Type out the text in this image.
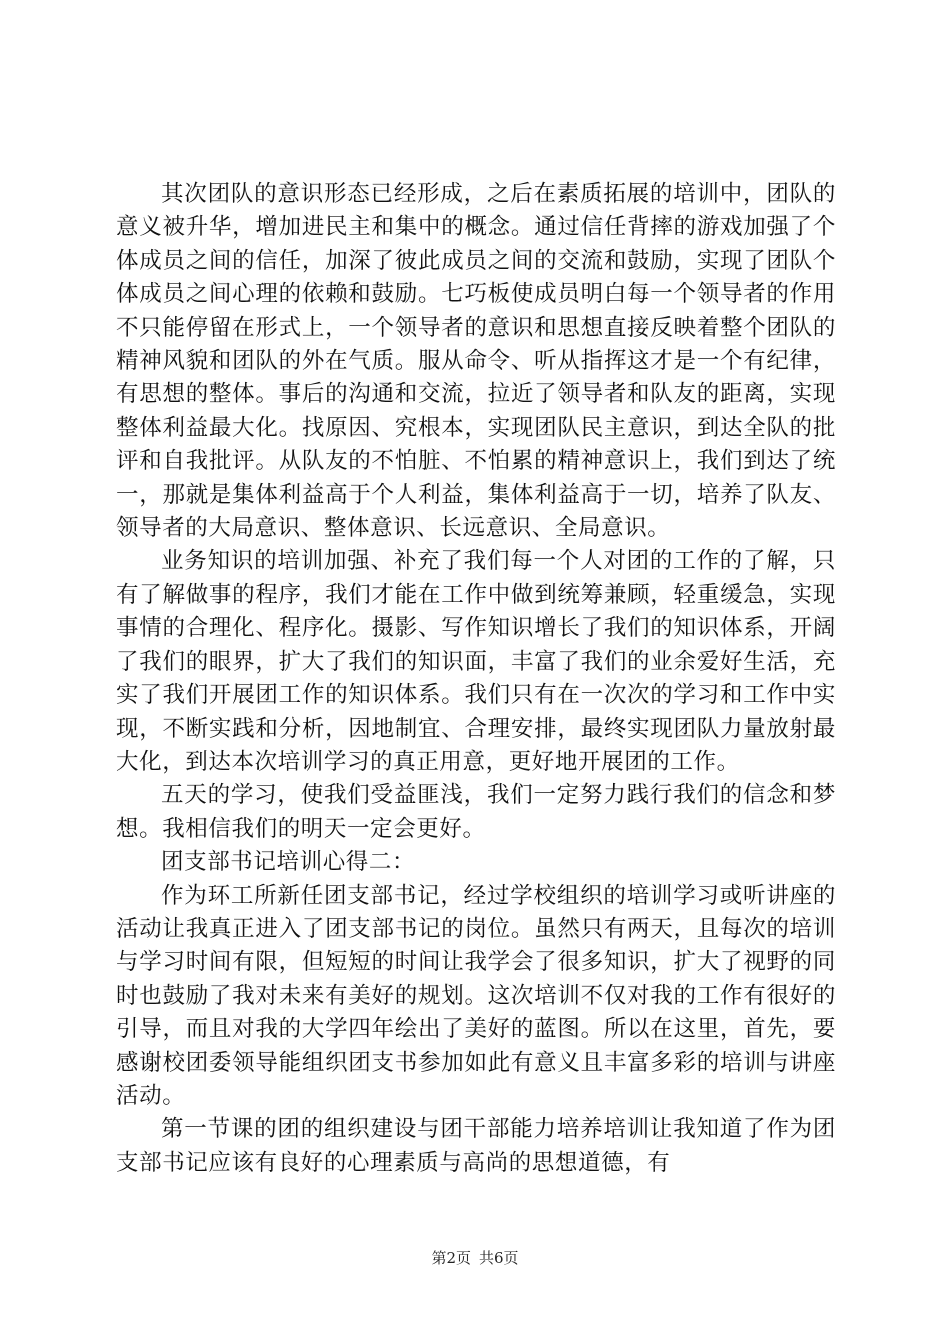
其次团队的意识形态已经形成，之后在素质拓展的培训中，团队的意义被升华，增加进民主和集中的概念。通过信任背摔的游戏加强了个体成员之间的信任，加深了彼此成员之间的交流和鼓励，实现了团队个体成员之间心理的依赖和鼓励。七巧板使成员明白每一个领导者的作用不只能停留在形式上，一个领导者的意识和思想直接反映着整个团队的精神风貌和团队的外在气质。服从命令、听从指挥这才是一个有纪律，有思想的整体。事后的沟通和交流，拉近了领导者和队友的距离，实现整体利益最大化。找原因、究根本，实现团队民主意识，到达全队的批评和自我批评。从队友的不怕脏、不怕累的精神意识上，我们到达了统一，那就是集体利益高于个人利益，集体利益高于一切，培养了队友、领导者的大局意识、整体意识、长远意识、全局意识。

业务知识的培训加强、补充了我们每一个人对团的工作的了解，只有了解做事的程序，我们才能在工作中做到统筹兼顾，轻重缓急，实现事情的合理化、程序化。摄影、写作知识增长了我们的知识体系，开阔了我们的眼界，扩大了我们的知识面，丰富了我们的业余爱好生活，充实了我们开展团工作的知识体系。我们只有在一次次的学习和工作中实现，不断实践和分析，因地制宜、合理安排，最终实现团队力量放射最大化，到达本次培训学习的真正用意，更好地开展团的工作。

五天的学习，使我们受益匪浅，我们一定努力践行我们的信念和梦想。我相信我们的明天一定会更好。

团支部书记培训心得二：

作为环工所新任团支部书记，经过学校组织的培训学习或听讲座的活动让我真正进入了团支部书记的岗位。虽然只有两天，且每次的培训与学习时间有限，但短短的时间让我学会了很多知识，扩大了视野的同时也鼓励了我对未来有美好的规划。这次培训不仅对我的工作有很好的引导，而且对我的大学四年绘出了美好的蓝图。所以在这里，首先，要感谢校团委领导能组织团支书参加如此有意义且丰富多彩的培训与讲座活动。

第一节课的团的组织建设与团干部能力培养培训让我知道了作为团支部书记应该有良好的心理素质与高尚的思想道德，有

第2页 共6页
